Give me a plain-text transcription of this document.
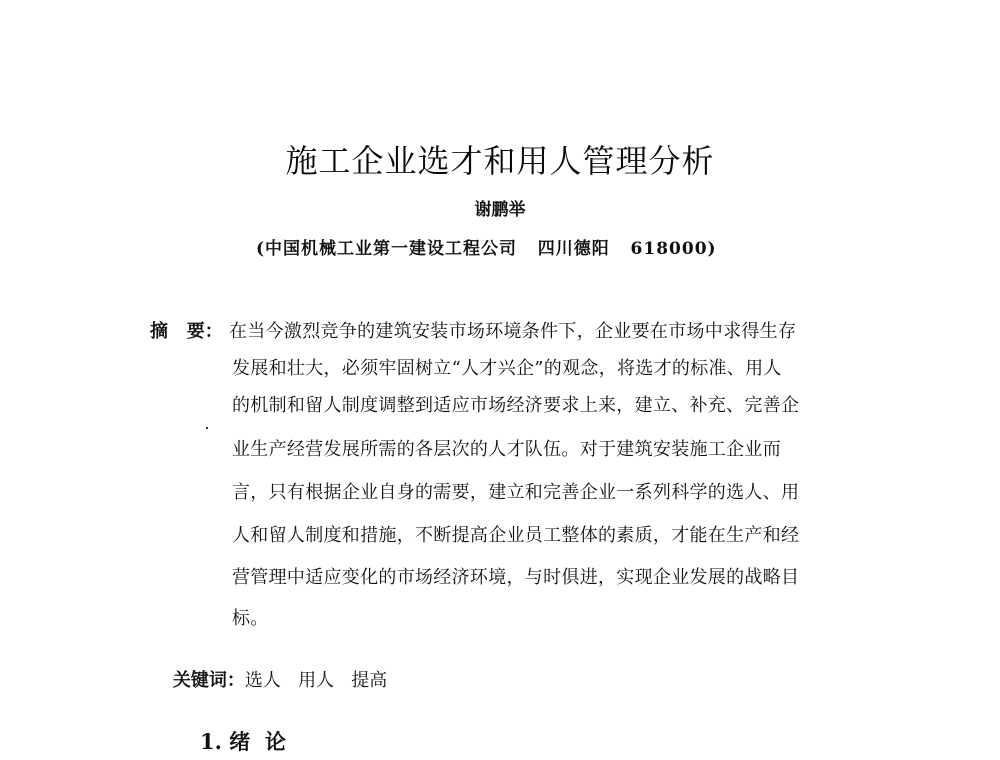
施工企业选才和用人管理分析
谢鹏举
(中国机械工业第一建设工程公司   四川德阳   618000)
摘   要： 在当今激烈竞争的建筑安装市场环境条件下，企业要在市场中求得生存
发展和壮大，必须牢固树立“人才兴企”的观念，将选才的标准、用人
的机制和留人制度调整到适应市场经济要求上来，建立、补充、完善企
业生产经营发展所需的各层次的人才队伍。对于建筑安装施工企业而
言，只有根据企业自身的需要，建立和完善企业一系列科学的选人、用
人和留人制度和措施，不断提高企业员工整体的素质，才能在生产和经
营管理中适应变化的市场经济环境，与时俱进，实现企业发展的战略目
标。

关键词：选人 用人 提高

1. 绪  论
